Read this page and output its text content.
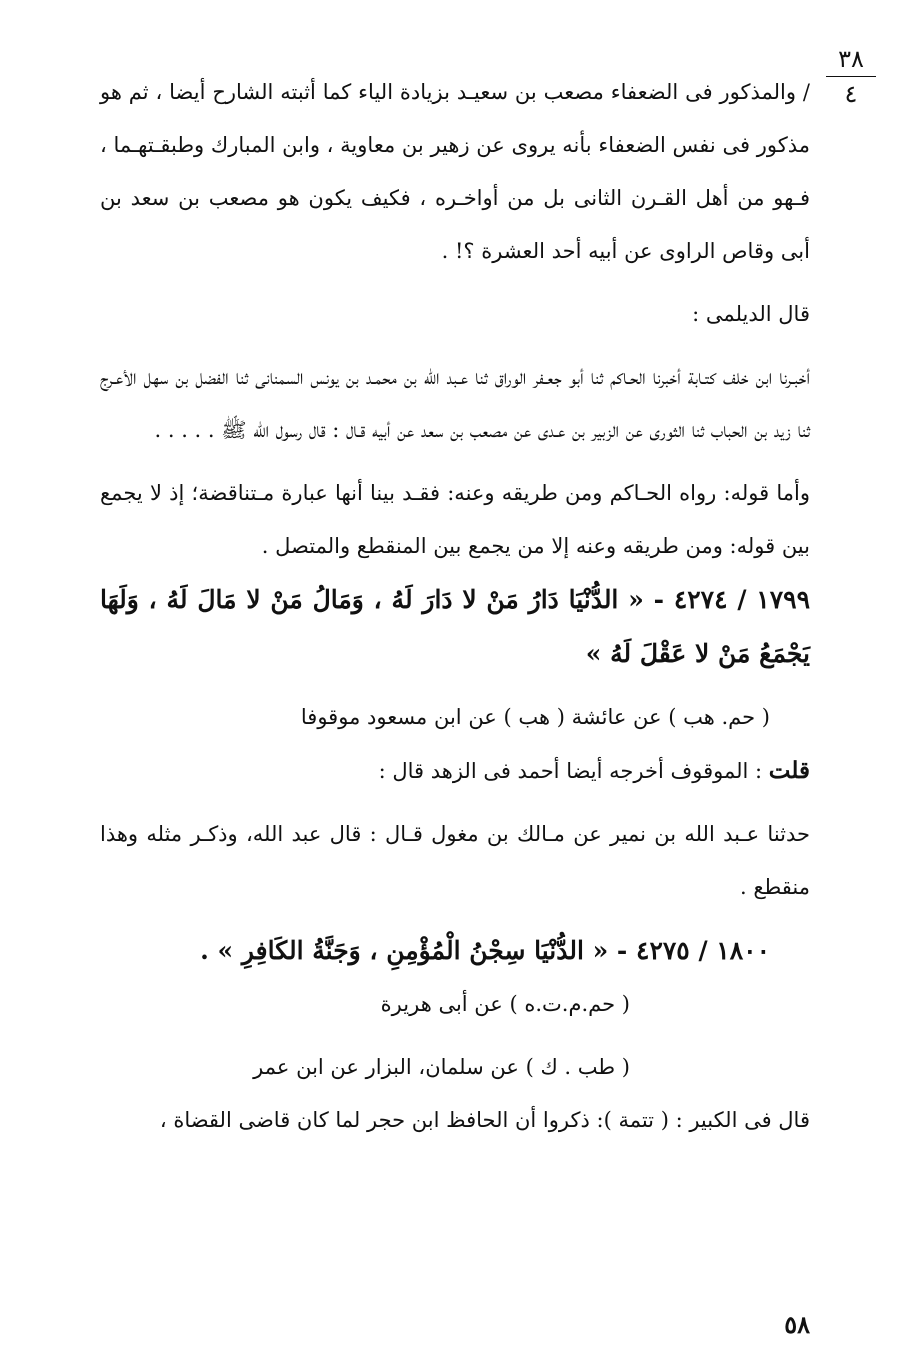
٣٨
٤

/ والمذكور فى الضعفاء مصعب بن سعيـد بزيادة الياء كما أثبته الشارح أيضا ، ثم هو مذكور فى نفس الضعفاء بأنه يروى عن زهير بن معاوية ، وابن المبارك وطبقـتهـما ، فـهو من أهل القـرن الثانى بل من أواخـره ، فكيف يكون هو مصعب بن سعد بن أبى وقاص الراوى عن أبيه أحد العشرة ؟! .

قال الديلمى :

أخبـرنا ابن خلف كتـابة أخبرنا الحـاكم ثنا أبو جعـفر الوراق ثنا عـبد الله بن محمـد بن يونس السمنانى ثنا الفضل بن سهل الأعـرج ثنا زيد بن الحباب ثنا الثورى عن الزبير بن عـدى عن مصعب بن سعد عن أبيه قـال : قال رسول الله ﷺ . . . . .

وأما قوله: رواه الحـاكم ومن طريقه وعنه: فقـد بينا أنها عبارة مـتناقضة؛ إذ لا يجمع بين قوله: ومن طريقه وعنه إلا من يجمع بين المنقطع والمتصل .

١٧٩٩ / ٤٢٧٤ - « الدُّنْيَا دَارُ مَنْ لا دَارَ لَهُ ، وَمَالُ مَنْ لا مَالَ لَهُ ، وَلَهَا يَجْمَعُ مَنْ لا عَقْلَ لَهُ »

( حم. هب ) عن عائشة ( هب ) عن ابن مسعود موقوفا

قلت : الموقوف أخرجه أيضا أحمد فى الزهد قال :

حدثنا عـبد الله بن نمير عن مـالك بن مغول قـال : قال عبد الله، وذكـر مثله وهذا منقطع .

١٨٠٠ / ٤٢٧٥ - « الدُّنْيَا سِجْنُ الْمُؤْمِنِ ، وَجَنَّةُ الكَافِرِ » .

( حم.م.ت.ه ) عن أبى هريرة

( طب . ك ) عن سلمان، البزار عن ابن عمر

قال فى الكبير : ( تتمة ): ذكروا أن الحافظ ابن حجر لما كان قاضى القضاة ،

٥٨
